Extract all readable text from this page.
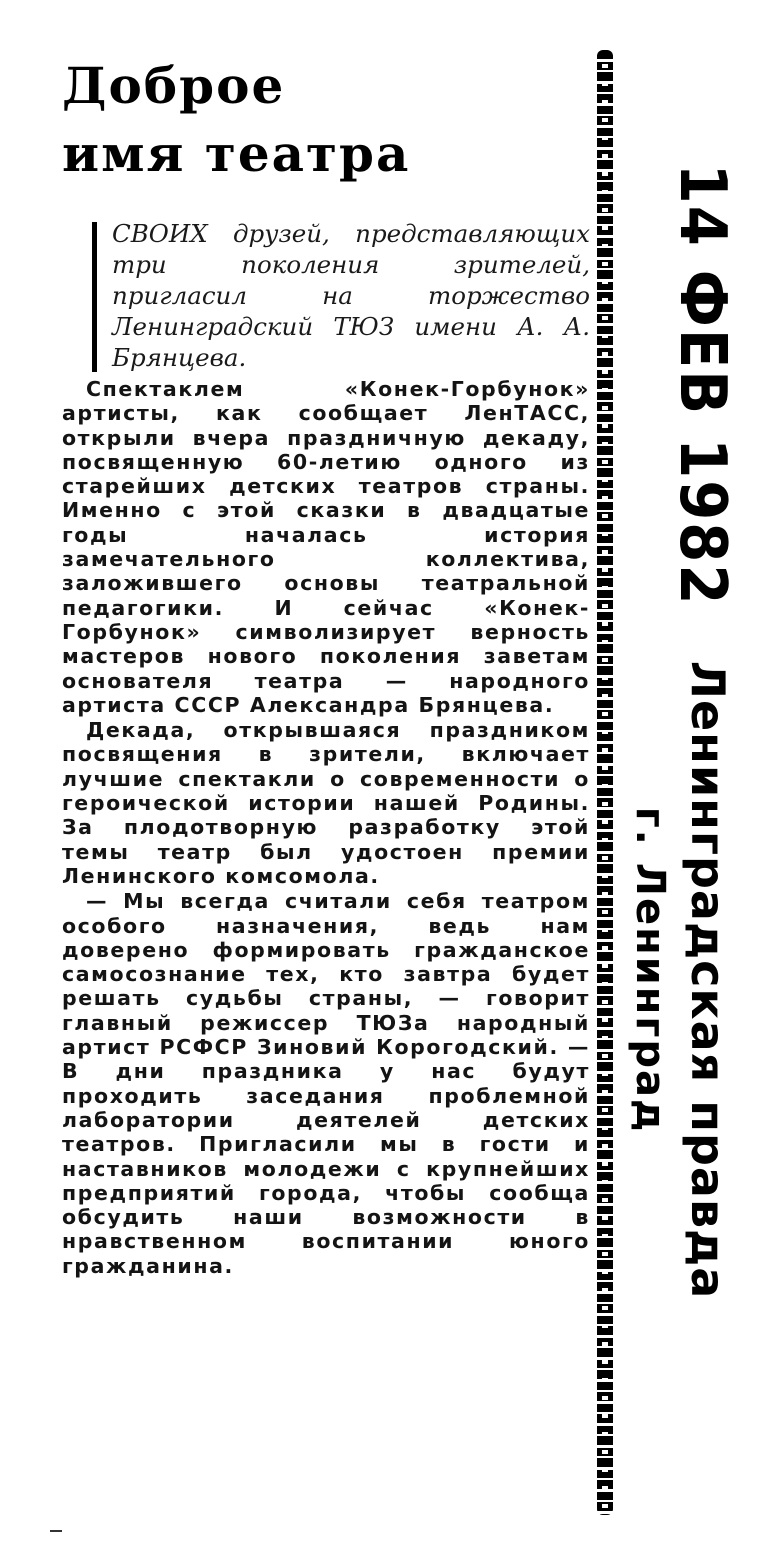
Доброе
имя театра
СВОИХ друзей, представляющих три поколения зрителей, пригласил на торжество Ленинградский ТЮЗ имени А. А. Брянцева.

Спектаклем «Конек-Горбунок» артисты, как сообщает ЛенТАСС, открыли вчера праздничную декаду, посвященную 60-летию одного из старейших детских театров страны. Именно с этой сказки в двадцатые годы началась история замечательного коллектива, заложившего основы театральной педагогики. И сейчас «Конек-Горбунок» символизирует верность мастеров нового поколения заветам основателя театра — народного артиста СССР Александра Брянцева.

Декада, открывшаяся праздником посвящения в зрители, включает лучшие спектакли о современности о героической истории нашей Родины. За плодотворную разработку этой темы театр был удостоен премии Ленинского комсомола.

— Мы всегда считали себя театром особого назначения, ведь нам доверено формировать гражданское самосознание тех, кто завтра будет решать судьбы страны, — говорит главный режиссер ТЮЗа народный артист РСФСР Зиновий Корогодский. — В дни праздника у нас будут проходить заседания проблемной лаборатории деятелей детских театров. Пригласили мы в гости и наставников молодежи с крупнейших предприятий города, чтобы сообща обсудить наши возможности в нравственном воспитании юного гражданина.

14 ФЕВ 1982
Ленинградская правда
г. Ленинград
